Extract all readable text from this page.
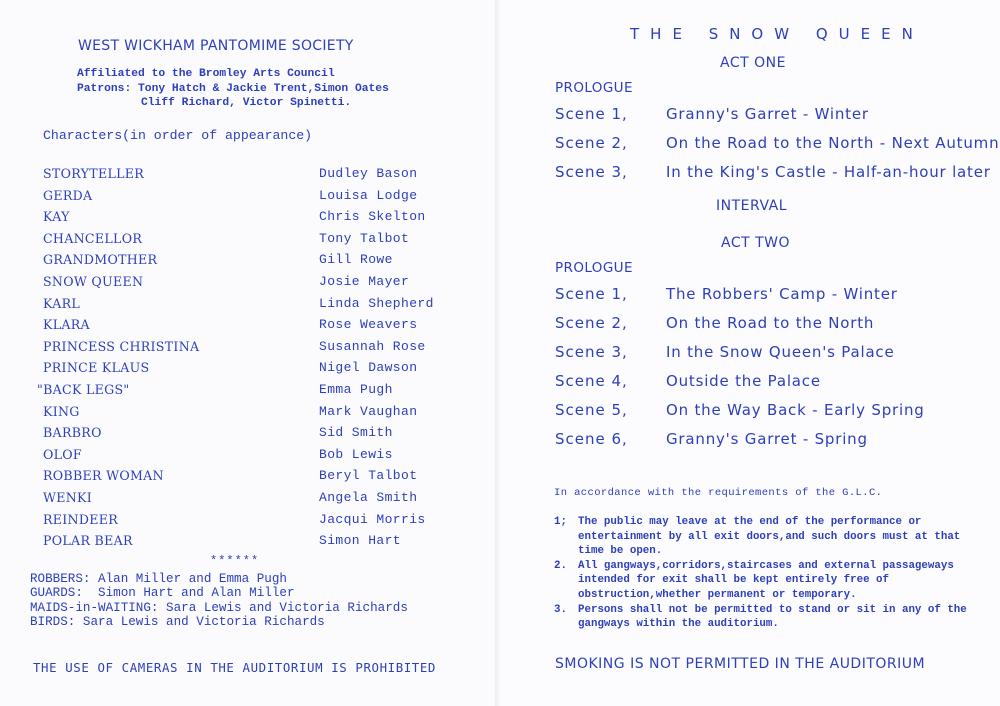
WEST WICKHAM PANTOMIME SOCIETY
Affiliated to the Bromley Arts Council
Patrons: Tony Hatch & Jackie Trent,Simon Oates
Cliff Richard, Victor Spinetti.
Characters(in order of appearance)
STORYTELLER	Dudley Bason
GERDA	Louisa Lodge
KAY	Chris Skelton
CHANCELLOR	Tony Talbot
GRANDMOTHER	Gill Rowe
SNOW QUEEN	Josie Mayer
KARL	Linda Shepherd
KLARA	Rose Weavers
PRINCESS CHRISTINA	Susannah Rose
PRINCE KLAUS	Nigel Dawson
"BACK LEGS"	Emma Pugh
KING	Mark Vaughan
BARBRO	Sid Smith
OLOF	Bob Lewis
ROBBER WOMAN	Beryl Talbot
WENKI	Angela Smith
REINDEER	Jacqui Morris
POLAR BEAR	Simon Hart
******
ROBBERS: Alan Miller and Emma Pugh
GUARDS:  Simon Hart and Alan Miller
MAIDS-in-WAITING: Sara Lewis and Victoria Richards
BIRDS: Sara Lewis and Victoria Richards
THE USE OF CAMERAS IN THE AUDITORIUM IS PROHIBITED
THE SNOW QUEEN
ACT ONE
PROLOGUE
Scene 1,	Granny's Garret - Winter
Scene 2,	On the Road to the North - Next Autumn
Scene 3,	In the King's Castle - Half-an-hour later
INTERVAL
ACT TWO
PROLOGUE
Scene 1,	The Robbers' Camp - Winter
Scene 2,	On the Road to the North
Scene 3,	In the Snow Queen's Palace
Scene 4,	Outside the Palace
Scene 5,	On the Way Back - Early Spring
Scene 6,	Granny's Garret - Spring
In accordance with the requirements of the G.L.C.
1; The public may leave at the end of the performance or entertainment by all exit doors,and such doors must at that time be open.
2. All gangways,corridors,staircases and external passageways intended for exit shall be kept entirely free of obstruction,whether permanent or temporary.
3. Persons shall not be permitted to stand or sit in any of the gangways within the auditorium.
SMOKING IS NOT PERMITTED IN THE AUDITORIUM
